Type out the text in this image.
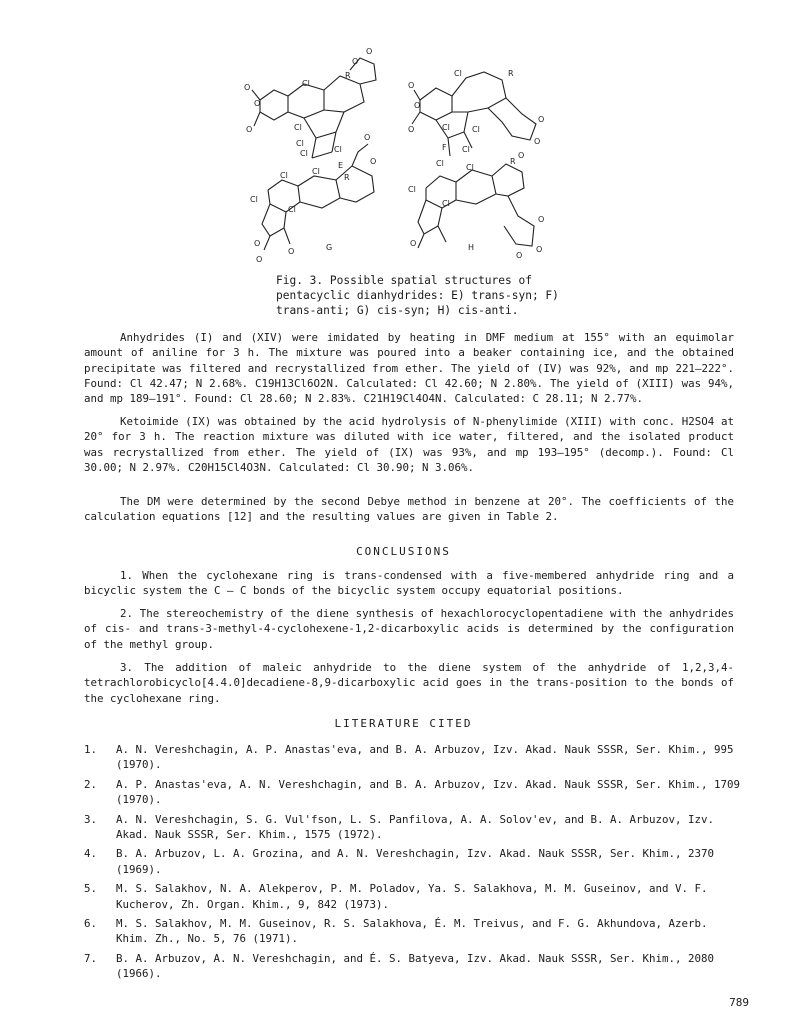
O
O
O
Cl
Cl
Cl
Cl	Cl
R
O
O
E
O
O
O
Cl
Cl	Cl
Cl
R
O
O
O
F
Cl
Cl
Cl
Cl
R
O
O
O
O
O	G
Cl
Cl
Cl
Cl
R
O
O
O
O	H
Fig. 3. Possible spatial structures of pentacyclic dianhydrides: E) trans-syn; F) trans-anti; G) cis-syn; H) cis-anti.

Anhydrides (I) and (XIV) were imidated by heating in DMF medium at 155° with an equimolar amount of aniline for 3 h. The mixture was poured into a beaker containing ice, and the obtained precipitate was filtered and recrystallized from ether. The yield of (IV) was 92%, and mp 221–222°. Found: Cl 42.47; N 2.68%. C19H13Cl6O2N. Calculated: Cl 42.60; N 2.80%. The yield of (XIII) was 94%, and mp 189–191°. Found: Cl 28.60; N 2.83%. C21H19Cl4O4N. Calculated: C 28.11; N 2.77%.

Ketoimide (IX) was obtained by the acid hydrolysis of N-phenylimide (XIII) with conc. H2SO4 at 20° for 3 h. The reaction mixture was diluted with ice water, filtered, and the isolated product was recrystallized from ether. The yield of (IX) was 93%, and mp 193–195° (decomp.). Found: Cl 30.00; N 2.97%. C20H15Cl4O3N. Calculated: Cl 30.90; N 3.06%.

The DM were determined by the second Debye method in benzene at 20°. The coefficients of the calculation equations [12] and the resulting values are given in Table 2.

CONCLUSIONS

1. When the cyclohexane ring is trans-condensed with a five-membered anhydride ring and a bicyclic system the C – C bonds of the bicyclic system occupy equatorial positions.

2. The stereochemistry of the diene synthesis of hexachlorocyclopentadiene with the anhydrides of cis- and trans-3-methyl-4-cyclohexene-1,2-dicarboxylic acids is determined by the configuration of the methyl group.

3. The addition of maleic anhydride to the diene system of the anhydride of 1,2,3,4-tetrachlorobicyclo[4.4.0]decadiene-8,9-dicarboxylic acid goes in the trans-position to the bonds of the cyclohexane ring.

LITERATURE CITED
1.	A. N. Vereshchagin, A. P. Anastas'eva, and B. A. Arbuzov, Izv. Akad. Nauk SSSR, Ser. Khim., 995 (1970).
2.	A. P. Anastas'eva, A. N. Vereshchagin, and B. A. Arbuzov, Izv. Akad. Nauk SSSR, Ser. Khim., 1709 (1970).
3.	A. N. Vereshchagin, S. G. Vul'fson, L. S. Panfilova, A. A. Solov'ev, and B. A. Arbuzov, Izv. Akad. Nauk SSSR, Ser. Khim., 1575 (1972).
4.	B. A. Arbuzov, L. A. Grozina, and A. N. Vereshchagin, Izv. Akad. Nauk SSSR, Ser. Khim., 2370 (1969).
5.	M. S. Salakhov, N. A. Alekperov, P. M. Poladov, Ya. S. Salakhova, M. M. Guseinov, and V. F. Kucherov, Zh. Organ. Khim., 9, 842 (1973).
6.	M. S. Salakhov, M. M. Guseinov, R. S. Salakhova, É. M. Treivus, and F. G. Akhundova, Azerb. Khim. Zh., No. 5, 76 (1971).
7.	B. A. Arbuzov, A. N. Vereshchagin, and É. S. Batyeva, Izv. Akad. Nauk SSSR, Ser. Khim., 2080 (1966).
789
